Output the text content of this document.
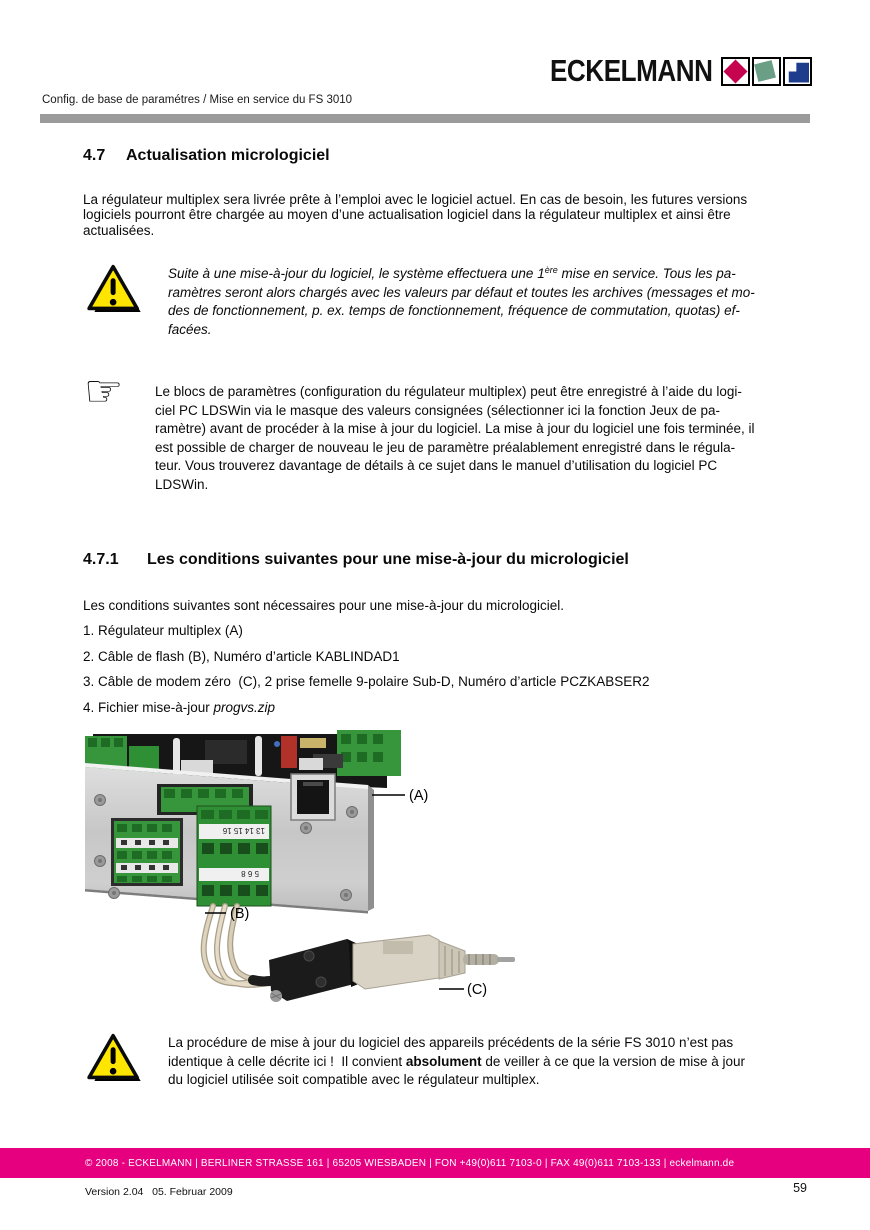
ECKELMANN
Config. de base de paramétres / Mise en service du FS 3010
4.7	Actualisation micrologiciel
La régulateur multiplex sera livrée prête à l’emploi avec le logiciel actuel. En cas de besoin, les futures versions
logiciels pourront être chargée au moyen d’une actualisation logiciel dans la régulateur multiplex et ainsi être
actualisées.
Suite à une mise-à-jour du logiciel, le système effectuera une 1ère mise en service. Tous les pa-
ramètres seront alors chargés avec les valeurs par défaut et toutes les archives (messages et mo-
des de fonctionnement, p. ex. temps de fonctionnement, fréquence de commutation, quotas) ef-
facées.
☞ Le blocs de paramètres (configuration du régulateur multiplex) peut être enregistré à l’aide du logi-
ciel PC LDSWin via le masque des valeurs consignées (sélectionner ici la fonction Jeux de pa-
ramètre) avant de procéder à la mise à jour du logiciel. La mise à jour du logiciel une fois terminée, il
est possible de charger de nouveau le jeu de paramètre préalablement enregistré dans le régula-
teur. Vous trouverez davantage de détails à ce sujet dans le manuel d’utilisation du logiciel PC
LDSWin.
4.7.1	Les conditions suivantes pour une mise-à-jour du micrologiciel
Les conditions suivantes sont nécessaires pour une mise-à-jour du micrologiciel.
1. Régulateur multiplex (A)
2. Câble de flash (B), Numéro d’article KABLINDAD1
3. Câble de modem zéro  (C), 2 prise femelle 9-polaire Sub-D, Numéro d’article PCZKABSER2
4. Fichier mise-à-jour progvs.zip
13 14 15 16
5 6 8
(A)
(B)
(C)
La procédure de mise à jour du logiciel des appareils précédents de la série FS 3010 n’est pas
identique à celle décrite ici !  Il convient absolument de veiller à ce que la version de mise à jour
du logiciel utilisée soit compatible avec le régulateur multiplex.
© 2008 - ECKELMANN | BERLINER STRASSE 161 | 65205 WIESBADEN | FON +49(0)611 7103-0 | FAX 49(0)611 7103-133 | eckelmann.de
Version 2.04   05. Februar 2009	59
